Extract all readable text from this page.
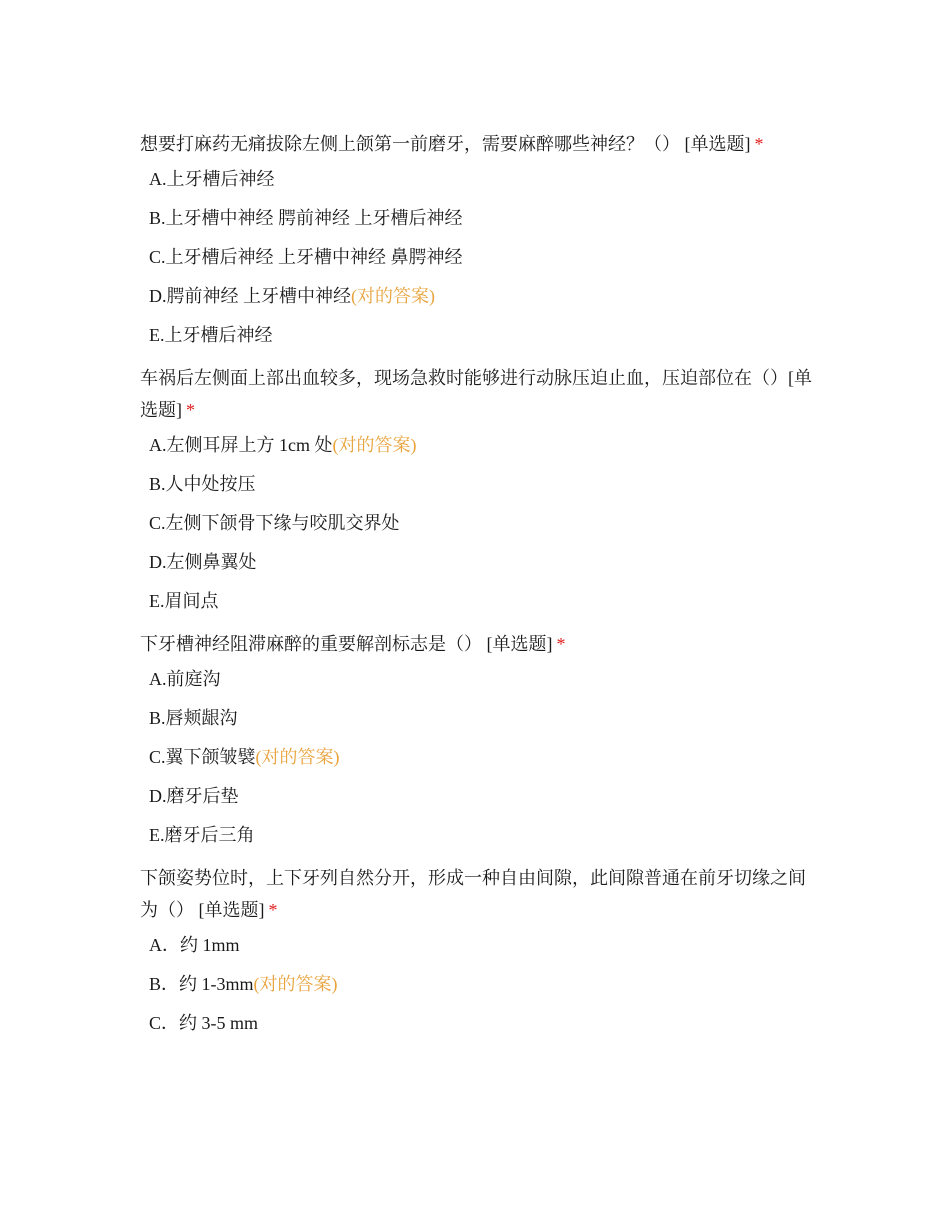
想要打麻药无痛拔除左侧上颌第一前磨牙，需要麻醉哪些神经？（） [单选题] *
A.上牙槽后神经
B.上牙槽中神经 腭前神经 上牙槽后神经
C.上牙槽后神经 上牙槽中神经 鼻腭神经
D.腭前神经 上牙槽中神经(对的答案)
E.上牙槽后神经
车祸后左侧面上部出血较多，现场急救时能够进行动脉压迫止血，压迫部位在（）[单选题] *
A.左侧耳屏上方 1cm 处(对的答案)
B.人中处按压
C.左侧下颌骨下缘与咬肌交界处
D.左侧鼻翼处
E.眉间点
下牙槽神经阻滞麻醉的重要解剖标志是（） [单选题] *
A.前庭沟
B.唇颊龈沟
C.翼下颌皱襞(对的答案)
D.磨牙后垫
E.磨牙后三角
下颌姿势位时，上下牙列自然分开，形成一种自由间隙，此间隙普通在前牙切缘之间为（） [单选题] *
A．约 1mm
B．约 1-3mm(对的答案)
C．约 3-5 mm
